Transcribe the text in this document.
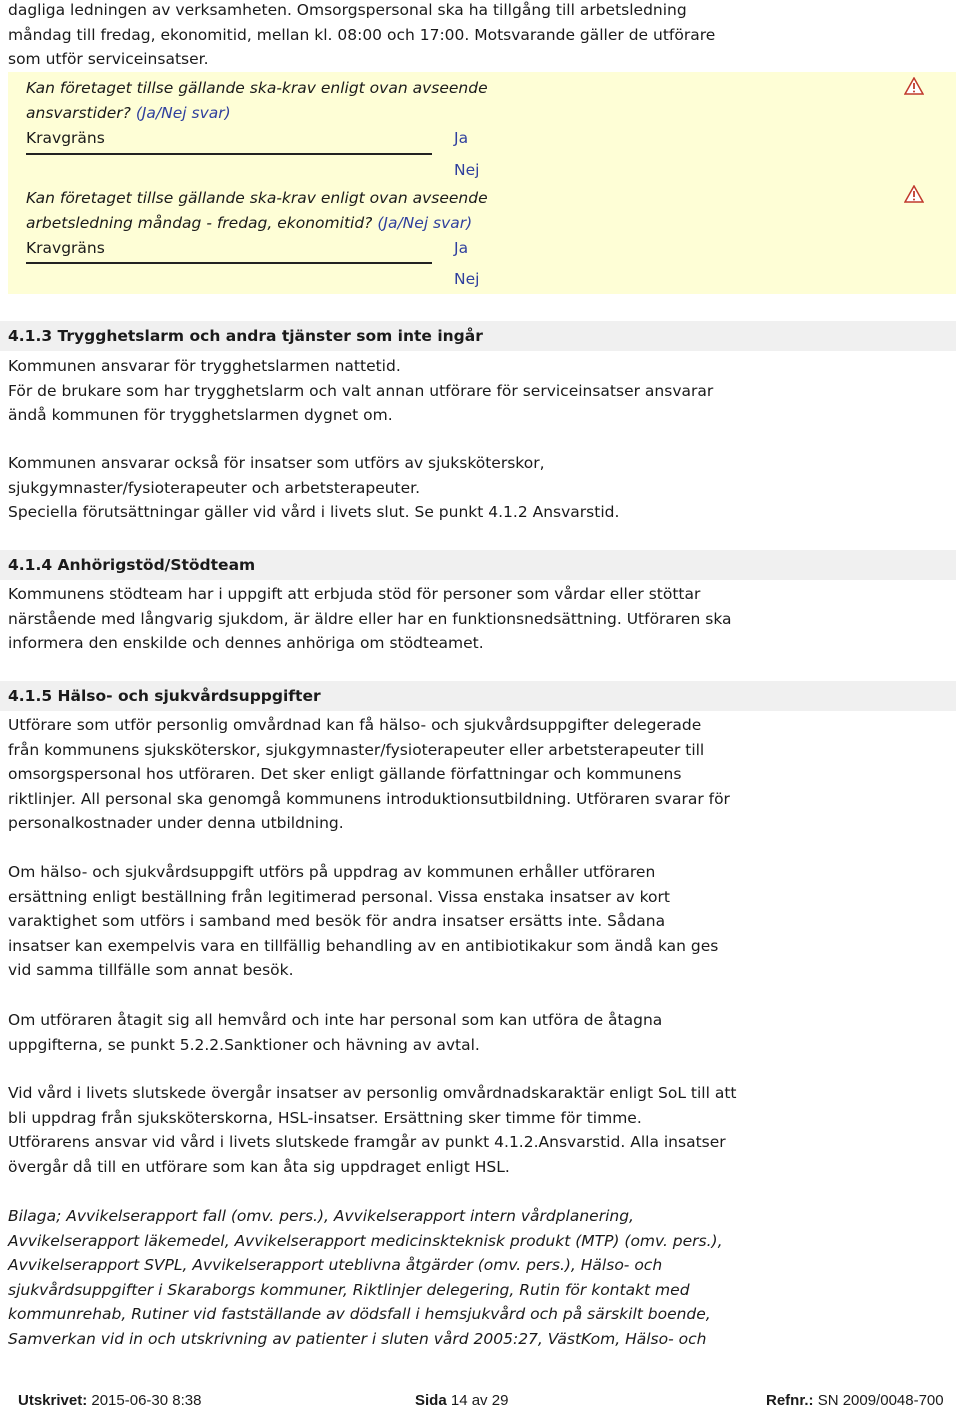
dagliga ledningen av verksamheten. Omsorgspersonal ska ha tillgång till arbetsledning
måndag till fredag, ekonomitid, mellan kl. 08:00 och 17:00. Motsvarande gäller de utförare
som utför serviceinsatser.
Kan företaget tillse gällande ska-krav enligt ovan avseende
ansvarstider? (Ja/Nej svar)
Kravgräns	Ja
Nej
Kan företaget tillse gällande ska-krav enligt ovan avseende
arbetsledning måndag - fredag, ekonomitid? (Ja/Nej svar)
Kravgräns	Ja
Nej
4.1.3 Trygghetslarm och andra tjänster som inte ingår
Kommunen ansvarar för trygghetslarmen nattetid.
För de brukare som har trygghetslarm och valt annan utförare för serviceinsatser ansvarar
ändå kommunen för trygghetslarmen dygnet om.
Kommunen ansvarar också för insatser som utförs av sjuksköterskor,
sjukgymnaster/fysioterapeuter och arbetsterapeuter.
Speciella förutsättningar gäller vid vård i livets slut. Se punkt 4.1.2 Ansvarstid.
4.1.4 Anhörigstöd/Stödteam
Kommunens stödteam har i uppgift att erbjuda stöd för personer som vårdar eller stöttar
närstående med långvarig sjukdom, är äldre eller har en funktionsnedsättning. Utföraren ska
informera den enskilde och dennes anhöriga om stödteamet.
4.1.5 Hälso- och sjukvårdsuppgifter
Utförare som utför personlig omvårdnad kan få hälso- och sjukvårdsuppgifter delegerade
från kommunens sjuksköterskor, sjukgymnaster/fysioterapeuter eller arbetsterapeuter till
omsorgspersonal hos utföraren. Det sker enligt gällande författningar och kommunens
riktlinjer. All personal ska genomgå kommunens introduktionsutbildning. Utföraren svarar för
personalkostnader under denna utbildning.
Om hälso- och sjukvårdsuppgift utförs på uppdrag av kommunen erhåller utföraren
ersättning enligt beställning från legitimerad personal. Vissa enstaka insatser av kort
varaktighet som utförs i samband med besök för andra insatser ersätts inte. Sådana
insatser kan exempelvis vara en tillfällig behandling av en antibiotikakur som ändå kan ges
vid samma tillfälle som annat besök.
Om utföraren åtagit sig all hemvård och inte har personal som kan utföra de åtagna
uppgifterna, se punkt 5.2.2.Sanktioner och hävning av avtal.
Vid vård i livets slutskede övergår insatser av personlig omvårdnadskaraktär enligt SoL till att
bli uppdrag från sjuksköterskorna, HSL-insatser. Ersättning sker timme för timme.
Utförarens ansvar vid vård i livets slutskede framgår av punkt 4.1.2.Ansvarstid. Alla insatser
övergår då till en utförare som kan åta sig uppdraget enligt HSL.
Bilaga; Avvikelserapport fall (omv. pers.), Avvikelserapport intern vårdplanering,
Avvikelserapport läkemedel, Avvikelserapport medicinskteknisk produkt (MTP) (omv. pers.),
Avvikelserapport SVPL, Avvikelserapport uteblivna åtgärder (omv. pers.), Hälso- och
sjukvårdsuppgifter i Skaraborgs kommuner, Riktlinjer delegering, Rutin för kontakt med
kommunrehab, Rutiner vid fastställande av dödsfall i hemsjukvård och på särskilt boende,
Samverkan vid in och utskrivning av patienter i sluten vård 2005:27, VästKom, Hälso- och
Utskrivet: 2015-06-30 8:38	Sida 14 av 29	Refnr.: SN 2009/0048-700
